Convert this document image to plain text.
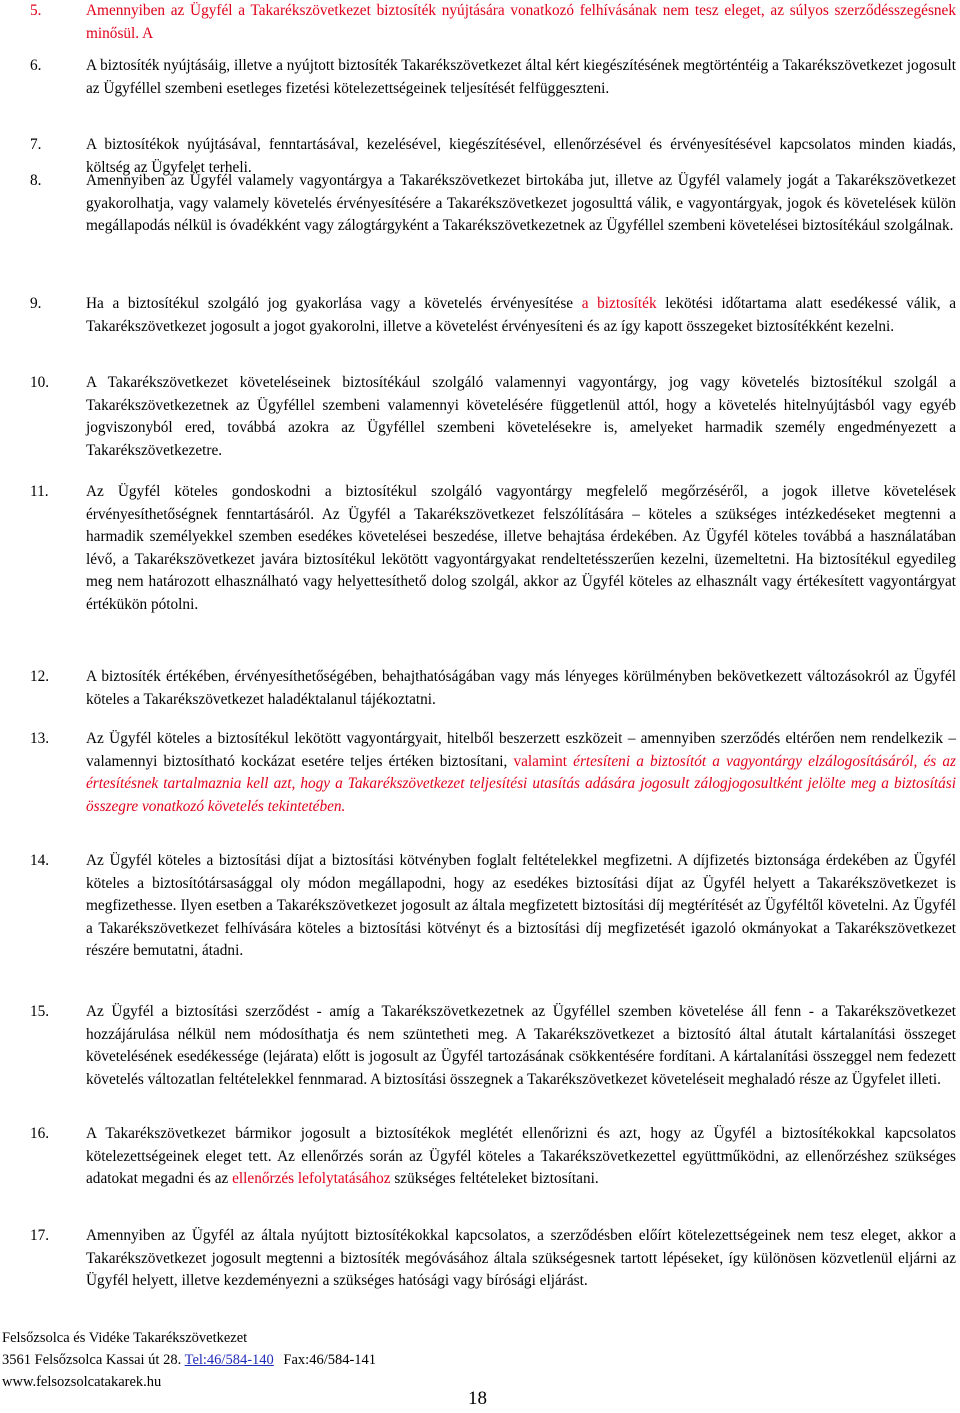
5.	Amennyiben az Ügyfél a Takarékszövetkezet biztosíték nyújtására vonatkozó felhívásának nem tesz eleget, az súlyos szerződésszegésnek minősül. A
6.	A biztosíték nyújtásáig, illetve a nyújtott biztosíték Takarékszövetkezet által kért kiegészítésének megtörténtéig a Takarékszövetkezet jogosult az Ügyféllel szembeni esetleges fizetési kötelezettségeinek teljesítését felfüggeszteni.
7.	A biztosítékok nyújtásával, fenntartásával, kezelésével, kiegészítésével, ellenőrzésével és érvényesítésével kapcsolatos minden kiadás, költség az Ügyfelet terheli.
8.	Amennyiben az Ügyfél valamely vagyontárgya a Takarékszövetkezet birtokába jut, illetve az Ügyfél valamely jogát a Takarékszövetkezet gyakorolhatja, vagy valamely követelés érvényesítésére a Takarékszövetkezet jogosulttá válik, e vagyontárgyak, jogok és követelések külön megállapodás nélkül is óvadékként vagy zálogtárgyként a Takarékszövetkezetnek az Ügyféllel szembeni követelései biztosítékául szolgálnak.
9.	Ha a biztosítékul szolgáló jog gyakorlása vagy a követelés érvényesítése a biztosíték lekötési időtartama alatt esedékessé válik, a Takarékszövetkezet jogosult a jogot gyakorolni, illetve a követelést érvényesíteni és az így kapott összegeket biztosítékként kezelni.
10. A Takarékszövetkezet követeléseinek biztosítékául szolgáló valamennyi vagyontárgy, jog vagy követelés biztosítékul szolgál a Takarékszövetkezetnek az Ügyféllel szembeni valamennyi követelésére függetlenül attól, hogy a követelés hitelnyújtásból vagy egyéb jogviszonyból ered, továbbá azokra az Ügyféllel szembeni követelésekre is, amelyeket harmadik személy engedményezett a Takarékszövetkezetre.
11. Az Ügyfél köteles gondoskodni a biztosítékul szolgáló vagyontárgy megfelelő megőrzéséről, a jogok illetve követelések érvényesíthetőségnek fenntartásáról. Az Ügyfél a Takarékszövetkezet felszólítására – köteles a szükséges intézkedéseket megtenni a harmadik személyekkel szemben esedékes követelései beszedése, illetve behajtása érdekében. Az Ügyfél köteles továbbá a használatában lévő, a Takarékszövetkezet javára biztosítékul lekötött vagyontárgyakat rendeltetésszerűen kezelni, üzemeltetni. Ha biztosítékul egyedileg meg nem határozott elhasználható vagy helyettesíthető dolog szolgál, akkor az Ügyfél köteles az elhasznált vagy értékesített vagyontárgyat értékükön pótolni.
12. A biztosíték értékében, érvényesíthetőségében, behajthatóságában vagy más lényeges körülményben bekövetkezett változásokról az Ügyfél köteles a Takarékszövetkezet haladéktalanul tájékoztatni.
13. Az Ügyfél köteles a biztosítékul lekötött vagyontárgyait, hitelből beszerzett eszközeit – amennyiben szerződés eltérően nem rendelkezik – valamennyi biztosítható kockázat esetére teljes értéken biztosítani, valamint értesíteni a biztosítót a vagyontárgy elzálogosításáról, és az értesítésnek tartalmaznia kell azt, hogy a Takarékszövetkezet teljesítési utasítás adására jogosult zálogjogosultként jelölte meg a biztosítási összegre vonatkozó követelés tekintetében.
14. Az Ügyfél köteles a biztosítási díjat a biztosítási kötvényben foglalt feltételekkel megfizetni. A díjfizetés biztonsága érdekében az Ügyfél köteles a biztosítótársasággal oly módon megállapodni, hogy az esedékes biztosítási díjat az Ügyfél helyett a Takarékszövetkezet is megfizethesse. Ilyen esetben a Takarékszövetkezet jogosult az általa megfizetett biztosítási díj megtérítését az Ügyféltől követelni. Az Ügyfél a Takarékszövetkezet felhívására köteles a biztosítási kötvényt és a biztosítási díj megfizetését igazoló okmányokat a Takarékszövetkezet részére bemutatni, átadni.
15. Az Ügyfél a biztosítási szerződést - amíg a Takarékszövetkezetnek az Ügyféllel szemben követelése áll fenn - a Takarékszövetkezet hozzájárulása nélkül nem módosíthatja és nem szüntetheti meg. A Takarékszövetkezet a biztosító által átutalt kártalanítási összeget követelésének esedékessége (lejárata) előtt is jogosult az Ügyfél tartozásának csökkentésére fordítani. A kártalanítási összeggel nem fedezett követelés változatlan feltételekkel fennmarad. A biztosítási összegnek a Takarékszövetkezet követeléseit meghaladó része az Ügyfelet illeti.
16. A Takarékszövetkezet bármikor jogosult a biztosítékok meglétét ellenőrizni és azt, hogy az Ügyfél a biztosítékokkal kapcsolatos kötelezettségeinek eleget tett. Az ellenőrzés során az Ügyfél köteles a Takarékszövetkezettel együttműködni, az ellenőrzéshez szükséges adatokat megadni és az ellenőrzés lefolytatásához szükséges feltételeket biztosítani.
17. Amennyiben az Ügyfél az általa nyújtott biztosítékokkal kapcsolatos, a szerződésben előírt kötelezettségeinek nem tesz eleget, akkor a Takarékszövetkezet jogosult megtenni a biztosíték megóvásához általa szükségesnek tartott lépéseket, így különösen közvetlenül eljárni az Ügyfél helyett, illetve kezdeményezni a szükséges hatósági vagy bírósági eljárást.
Felsőzsolca és Vidéke Takarékszövetkezet
3561 Felsőzsolca Kassai út 28. Tel:46/584-140 Fax:46/584-141
www.felsozsolcatakarek.hu
18
